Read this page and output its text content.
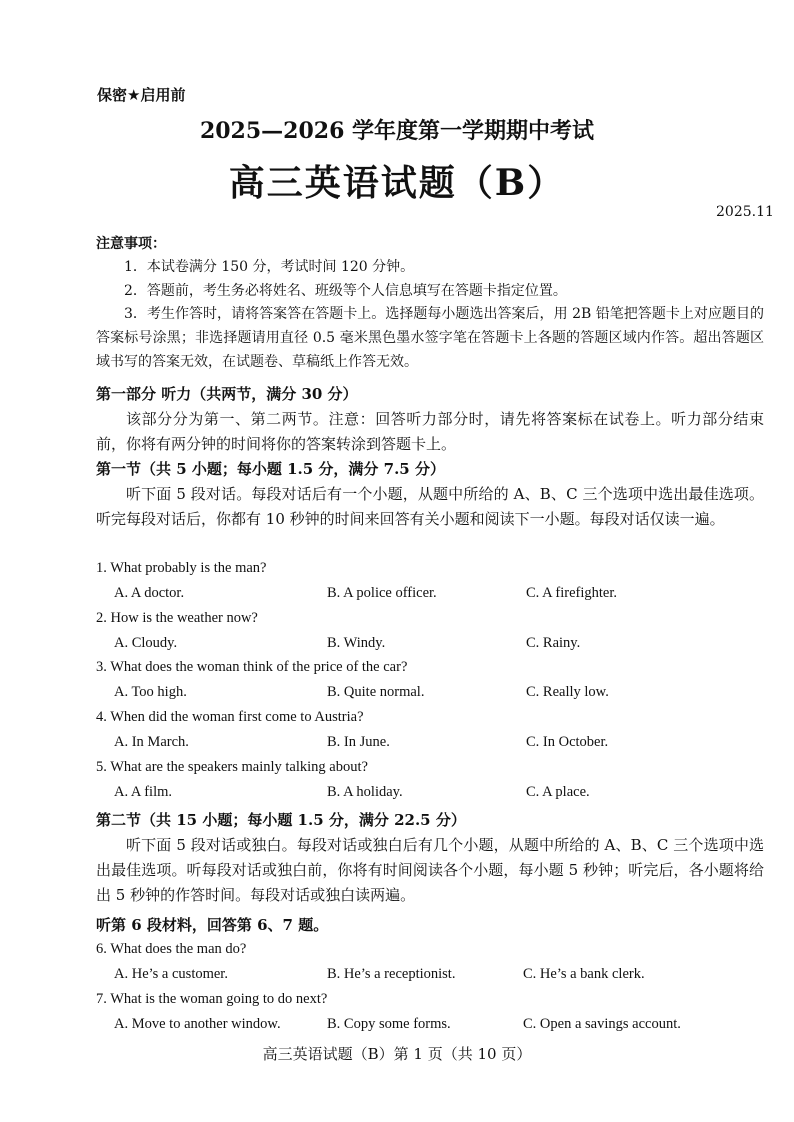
保密★启用前
2025—2026 学年度第一学期期中考试
高三英语试题（B）
2025.11
注意事项：
1．本试卷满分 150 分，考试时间 120 分钟。
2．答题前，考生务必将姓名、班级等个人信息填写在答题卡指定位置。
3．考生作答时，请将答案答在答题卡上。选择题每小题选出答案后，用 2B 铅笔把答题卡上对应题目的答案标号涂黑；非选择题请用直径 0.5 毫米黑色墨水签字笔在答题卡上各题的答题区域内作答。超出答题区域书写的答案无效，在试题卷、草稿纸上作答无效。
第一部分 听力（共两节，满分 30 分）
该部分分为第一、第二两节。注意：回答听力部分时，请先将答案标在试卷上。听力部分结束前，你将有两分钟的时间将你的答案转涂到答题卡上。
第一节（共 5 小题；每小题 1.5 分，满分 7.5 分）
听下面 5 段对话。每段对话后有一个小题，从题中所给的 A、B、C 三个选项中选出最佳选项。听完每段对话后，你都有 10 秒钟的时间来回答有关小题和阅读下一小题。每段对话仅读一遍。
1. What probably is the man?
A. A doctor.	B. A police officer.	C. A firefighter.
2. How is the weather now?
A. Cloudy.	B. Windy.	C. Rainy.
3. What does the woman think of the price of the car?
A. Too high.	B. Quite normal.	C. Really low.
4. When did the woman first come to Austria?
A. In March.	B. In June.	C. In October.
5. What are the speakers mainly talking about?
A. A film.	B. A holiday.	C. A place.
第二节（共 15 小题；每小题 1.5 分，满分 22.5 分）
听下面 5 段对话或独白。每段对话或独白后有几个小题，从题中所给的 A、B、C 三个选项中选出最佳选项。听每段对话或独白前，你将有时间阅读各个小题，每小题 5 秒钟；听完后，各小题将给出 5 秒钟的作答时间。每段对话或独白读两遍。
听第 6 段材料，回答第 6、7 题。
6. What does the man do?
A. He’s a customer.	B. He’s a receptionist.	C. He’s a bank clerk.
7. What is the woman going to do next?
A. Move to another window.	B. Copy some forms.	C. Open a savings account.
高三英语试题（B）第 1 页（共 10 页）
